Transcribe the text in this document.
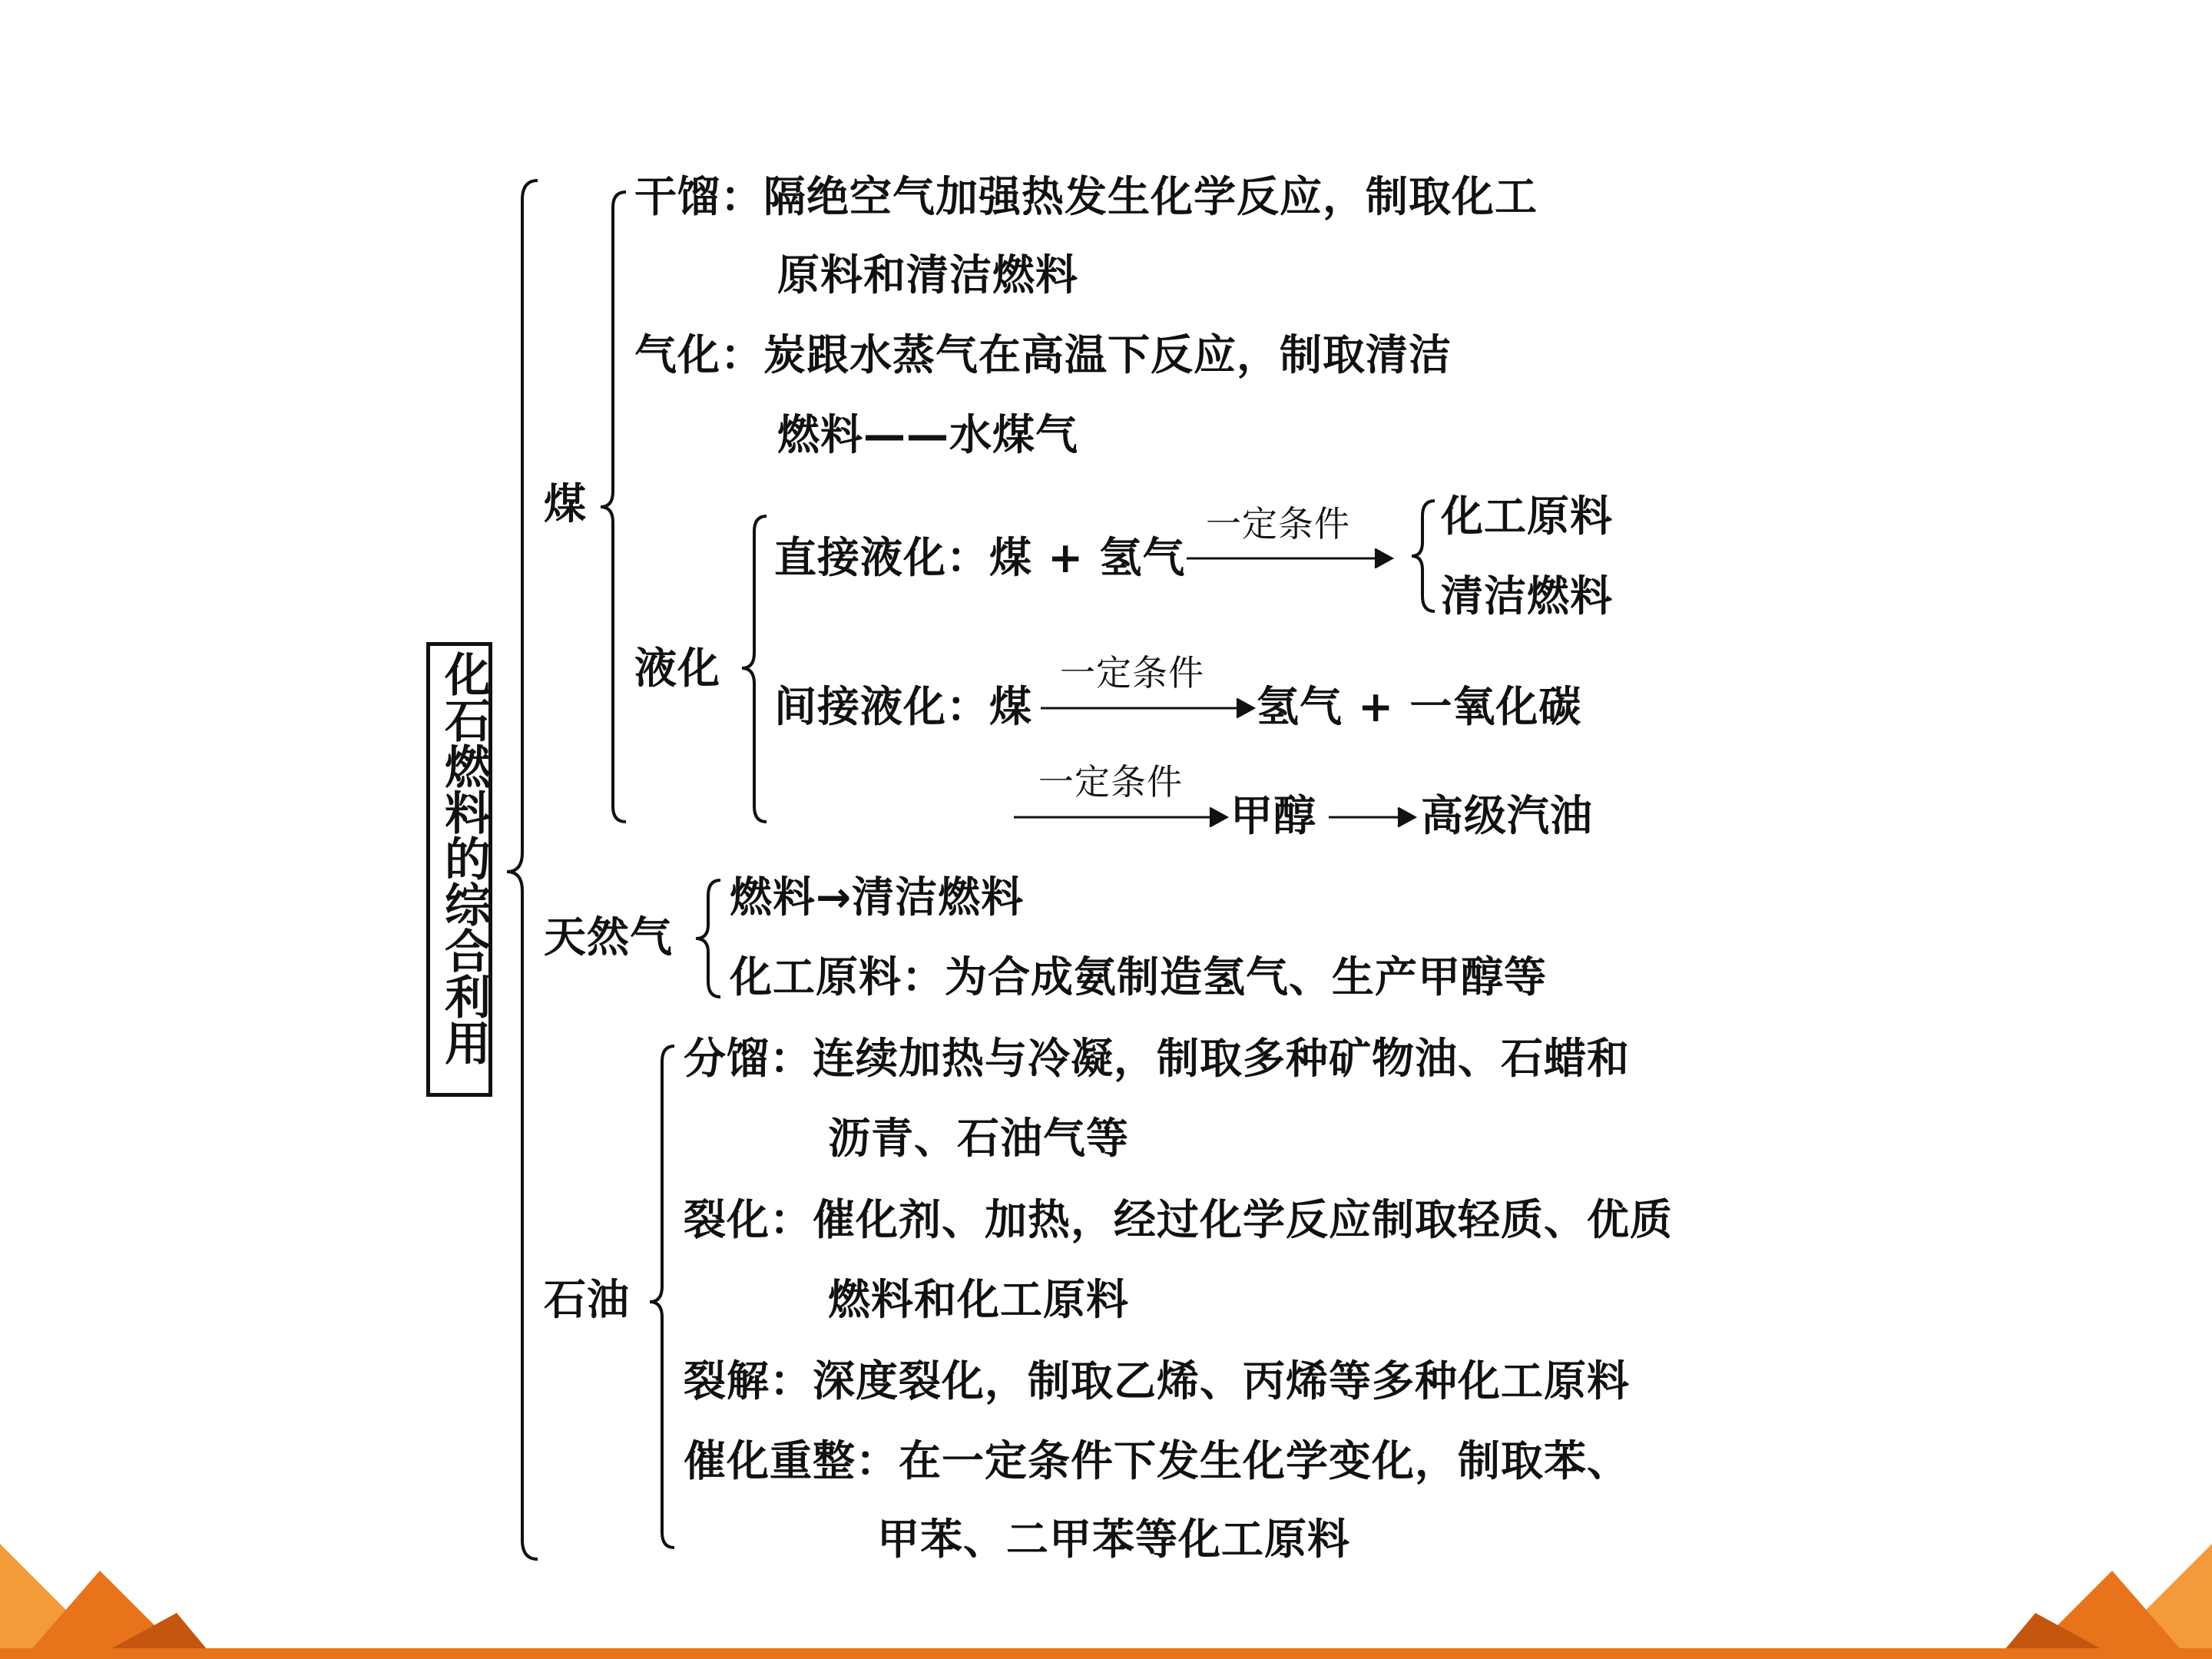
化石燃料的综合利用
煤
干馏：隔绝空气加强热发生化学反应，制取化工
原料和清洁燃料
气化：炭跟水蒸气在高温下反应，制取清洁
燃料——水煤气
液化
直接液化：煤 + 氢气
一定条件 化工原料
清洁燃料
间接液化：煤
一定条件
氢气 + 一氧化碳
一定条件
甲醇 高级汽油
天然气
燃料→清洁燃料
化工原料：为合成氨制造氢气、生产甲醇等
石油
分馏：连续加热与冷凝，制取多种矿物油、石蜡和
沥青、石油气等
裂化：催化剂、加热，经过化学反应制取轻质、优质
燃料和化工原料
裂解：深度裂化，制取乙烯、丙烯等多种化工原料
催化重整：在一定条件下发生化学变化，制取苯、
甲苯、二甲苯等化工原料
